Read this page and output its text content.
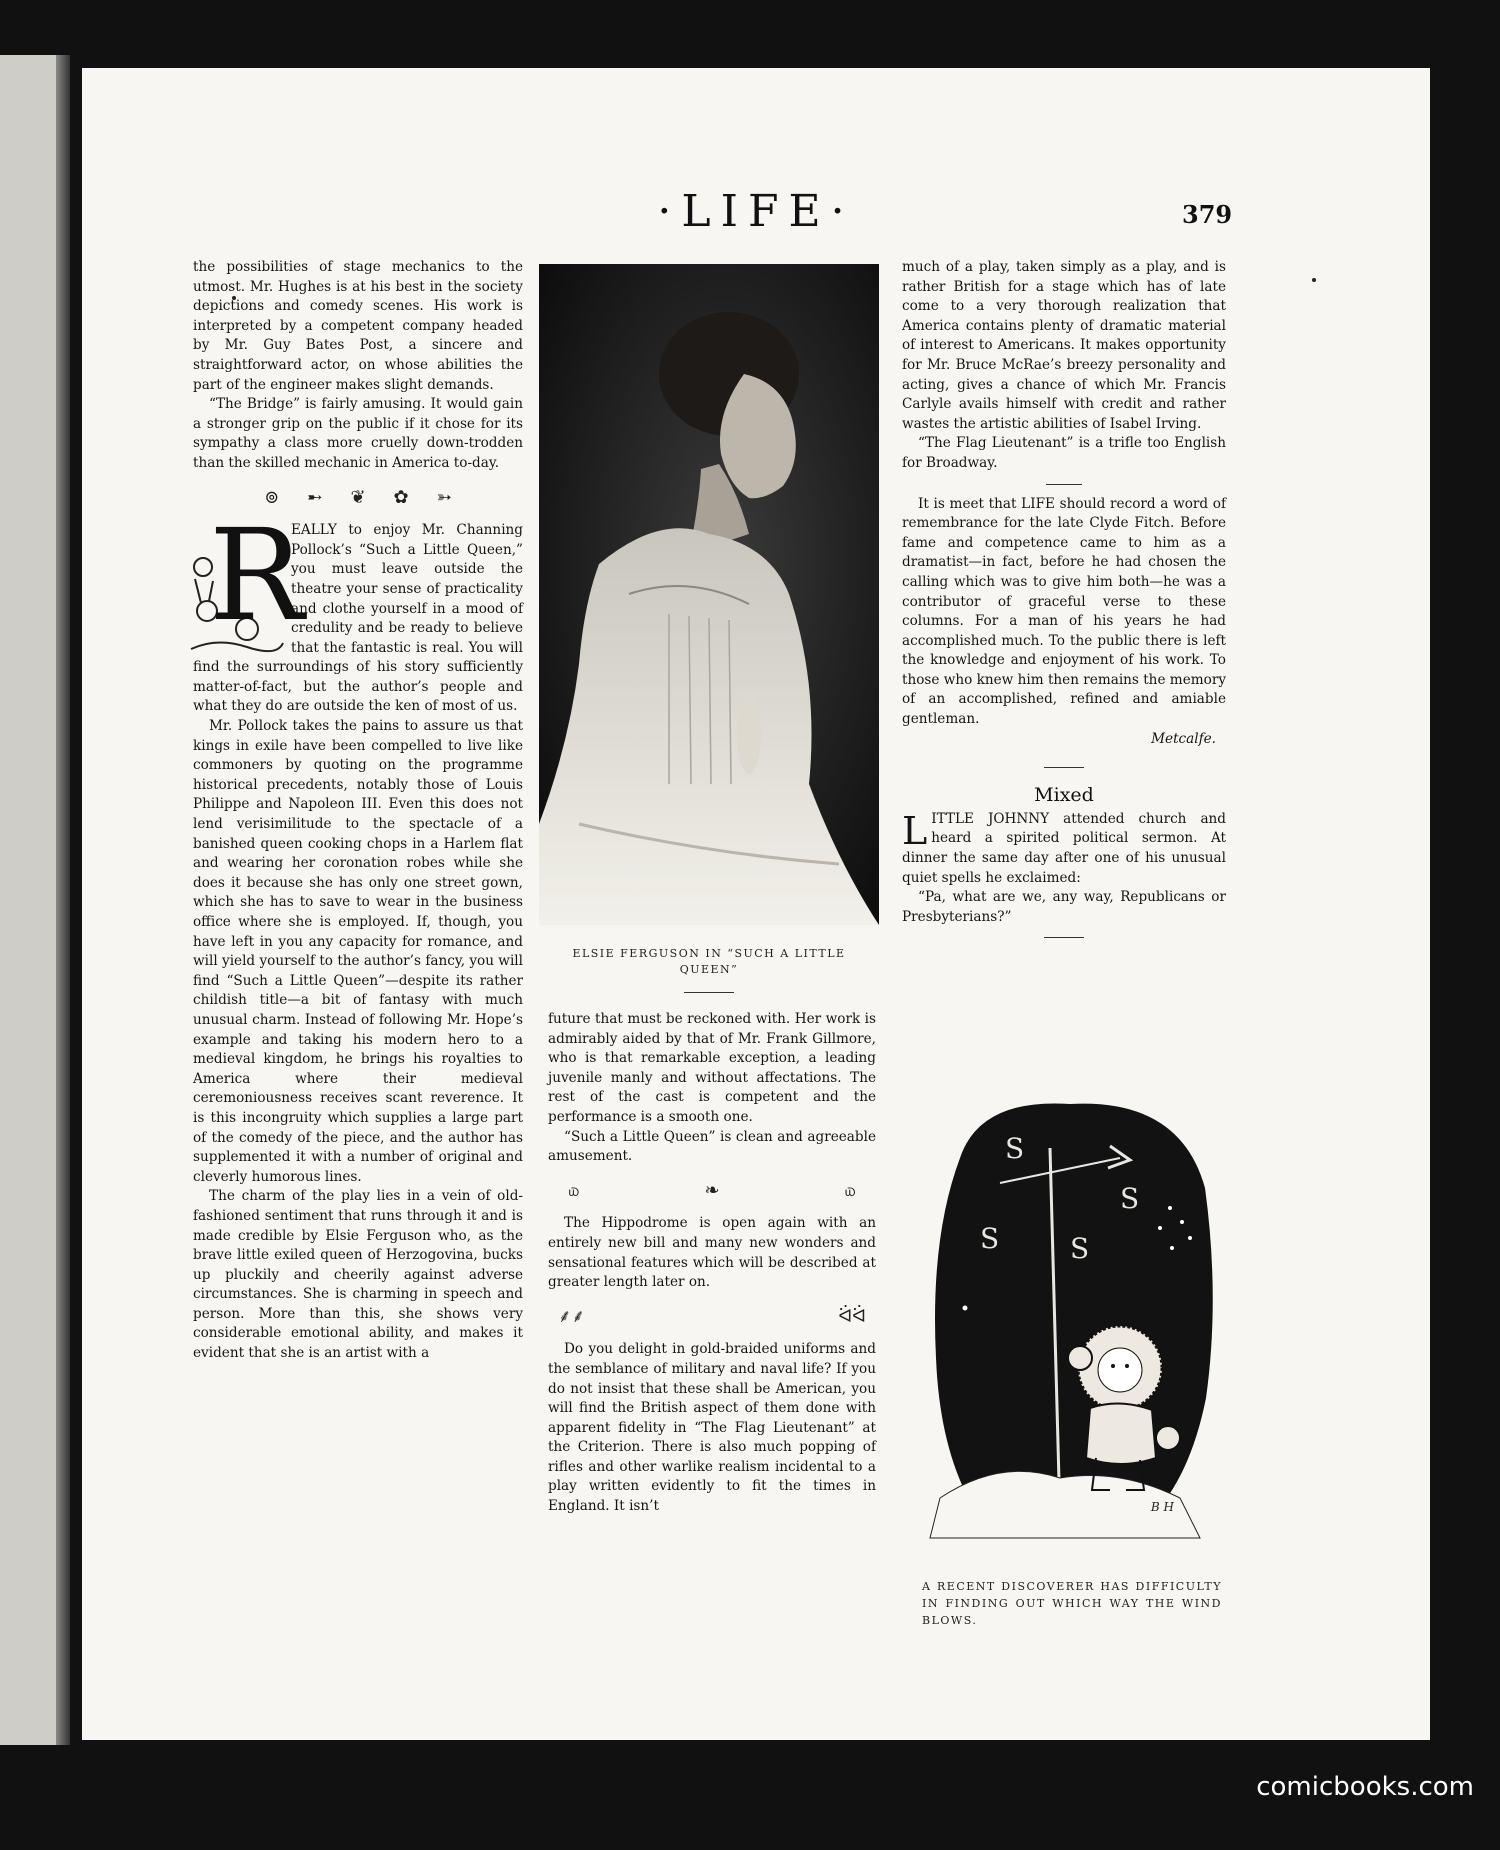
·LIFE·	379

the possibilities of stage mechanics to the utmost. Mr. Hughes is at his best in the society depictions and comedy scenes. His work is interpreted by a competent company headed by Mr. Guy Bates Post, a sincere and straightforward actor, on whose abilities the part of the engineer makes slight demands.

“The Bridge” is fairly amusing. It would gain a stronger grip on the public if it chose for its sympathy a class more cruelly down-trodden than the skilled mechanic in America to-day.

⊚ ➸ ❦ ✿ ➳
R

EALLY to enjoy Mr. Channing Pollock’s “Such a Little Queen,” you must leave outside the theatre your sense of practicality and clothe yourself in a mood of credulity and be ready to believe that the fantastic is real. You will find the surroundings of his story sufficiently matter-of-fact, but the author’s people and what they do are outside the ken of most of us.

Mr. Pollock takes the pains to assure us that kings in exile have been compelled to live like commoners by quoting on the programme historical precedents, notably those of Louis Philippe and Napoleon III. Even this does not lend verisimilitude to the spectacle of a banished queen cooking chops in a Harlem flat and wearing her coronation robes while she does it because she has only one street gown, which she has to save to wear in the business office where she is employed. If, though, you have left in you any capacity for romance, and will yield yourself to the author’s fancy, you will find “Such a Little Queen”—despite its rather childish title—a bit of fantasy with much unusual charm. Instead of following Mr. Hope’s example and taking his modern hero to a medieval kingdom, he brings his royalties to America where their medieval ceremoniousness receives scant reverence. It is this incongruity which supplies a large part of the comedy of the piece, and the author has supplemented it with a number of original and cleverly humorous lines.

The charm of the play lies in a vein of old-fashioned sentiment that runs through it and is made credible by Elsie Ferguson who, as the brave little exiled queen of Herzogovina, bucks up pluckily and cheerily against adverse circumstances. She is charming in speech and person. More than this, she shows very considerable emotional ability, and makes it evident that she is an artist with a

ELSIE FERGUSON IN “SUCH A LITTLE QUEEN”

future that must be reckoned with. Her work is admirably aided by that of Mr. Frank Gillmore, who is that remarkable exception, a leading juvenile manly and without affectations. The rest of the cast is competent and the performance is a smooth one.

“Such a Little Queen” is clean and agreeable amusement.

௰	❧	௰

The Hippodrome is open again with an entirely new bill and many new wonders and sensational features which will be described at greater length later on.

⸙⸙	ᐛᐛ

Do you delight in gold-braided uniforms and the semblance of military and naval life? If you do not insist that these shall be American, you will find the British aspect of them done with apparent fidelity in “The Flag Lieutenant” at the Criterion. There is also much popping of rifles and other warlike realism incidental to a play written evidently to fit the times in England. It isn’t

much of a play, taken simply as a play, and is rather British for a stage which has of late come to a very thorough realization that America contains plenty of dramatic material of interest to Americans. It makes opportunity for Mr. Bruce McRae’s breezy personality and acting, gives a chance of which Mr. Francis Carlyle avails himself with credit and rather wastes the artistic abilities of Isabel Irving.

“The Flag Lieutenant” is a trifle too English for Broadway.

It is meet that LIFE should record a word of remembrance for the late Clyde Fitch. Before fame and competence came to him as a dramatist—in fact, before he had chosen the calling which was to give him both—he was a contributor of graceful verse to these columns. For a man of his years he had accomplished much. To the public there is left the knowledge and enjoyment of his work. To those who knew him then remains the memory of an accomplished, refined and amiable gentleman.

Metcalfe.
Mixed
L ITTLE JOHNNY attended church and heard a spirited political sermon. At dinner the same day after one of his unusual quiet spells he exclaimed:

“Pa, what are we, any way, Republicans or Presbyterians?”

S
S
S	S
B H
A RECENT DISCOVERER HAS DIFFICULTY IN FINDING OUT WHICH WAY THE WIND BLOWS.
comicbooks.com
